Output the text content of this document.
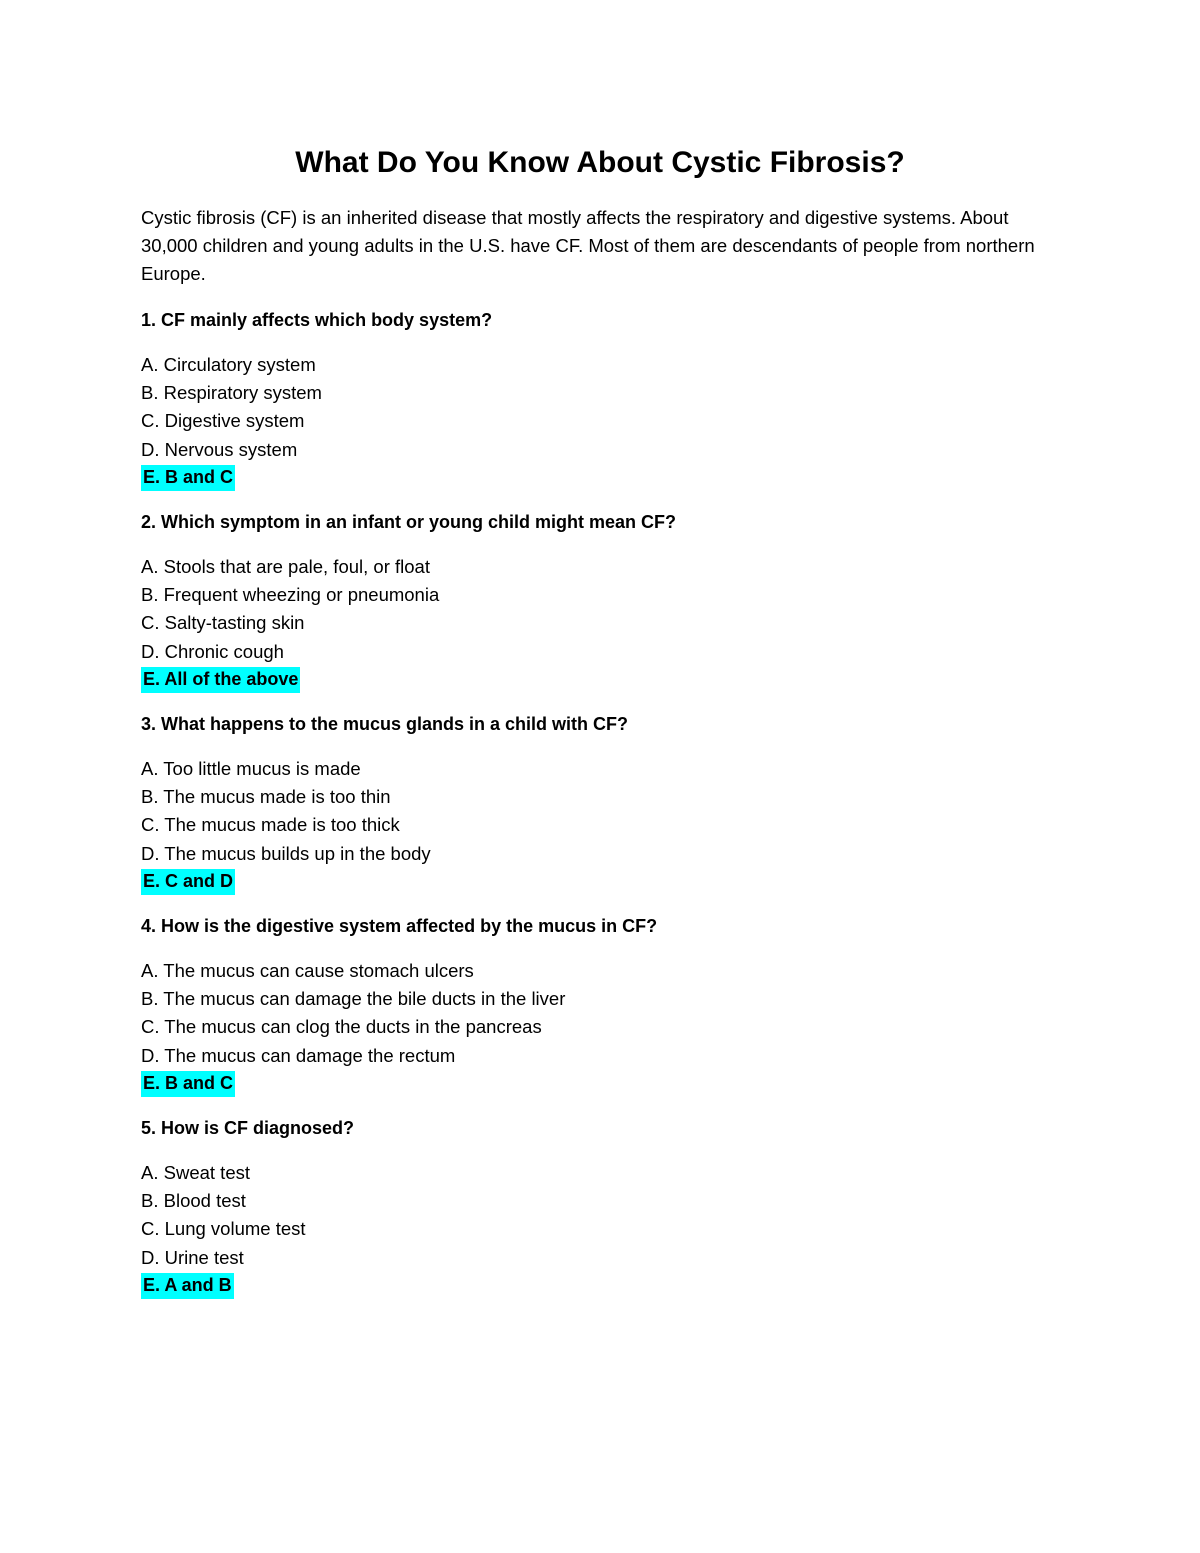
What Do You Know About Cystic Fibrosis?

Cystic fibrosis (CF) is an inherited disease that mostly affects the respiratory and digestive systems. About 30,000 children and young adults in the U.S. have CF. Most of them are descendants of people from northern Europe.

1. CF mainly affects which body system?

A. Circulatory system

B. Respiratory system

C. Digestive system

D. Nervous system

E. B and C

2. Which symptom in an infant or young child might mean CF?

A. Stools that are pale, foul, or float

B. Frequent wheezing or pneumonia

C. Salty-tasting skin

D. Chronic cough

E. All of the above

3. What happens to the mucus glands in a child with CF?

A. Too little mucus is made

B. The mucus made is too thin

C. The mucus made is too thick

D. The mucus builds up in the body

E. C and D

4. How is the digestive system affected by the mucus in CF?

A. The mucus can cause stomach ulcers

B. The mucus can damage the bile ducts in the liver

C. The mucus can clog the ducts in the pancreas

D. The mucus can damage the rectum

E. B and C

5. How is CF diagnosed?

A. Sweat test

B. Blood test

C. Lung volume test

D. Urine test

E. A and B
